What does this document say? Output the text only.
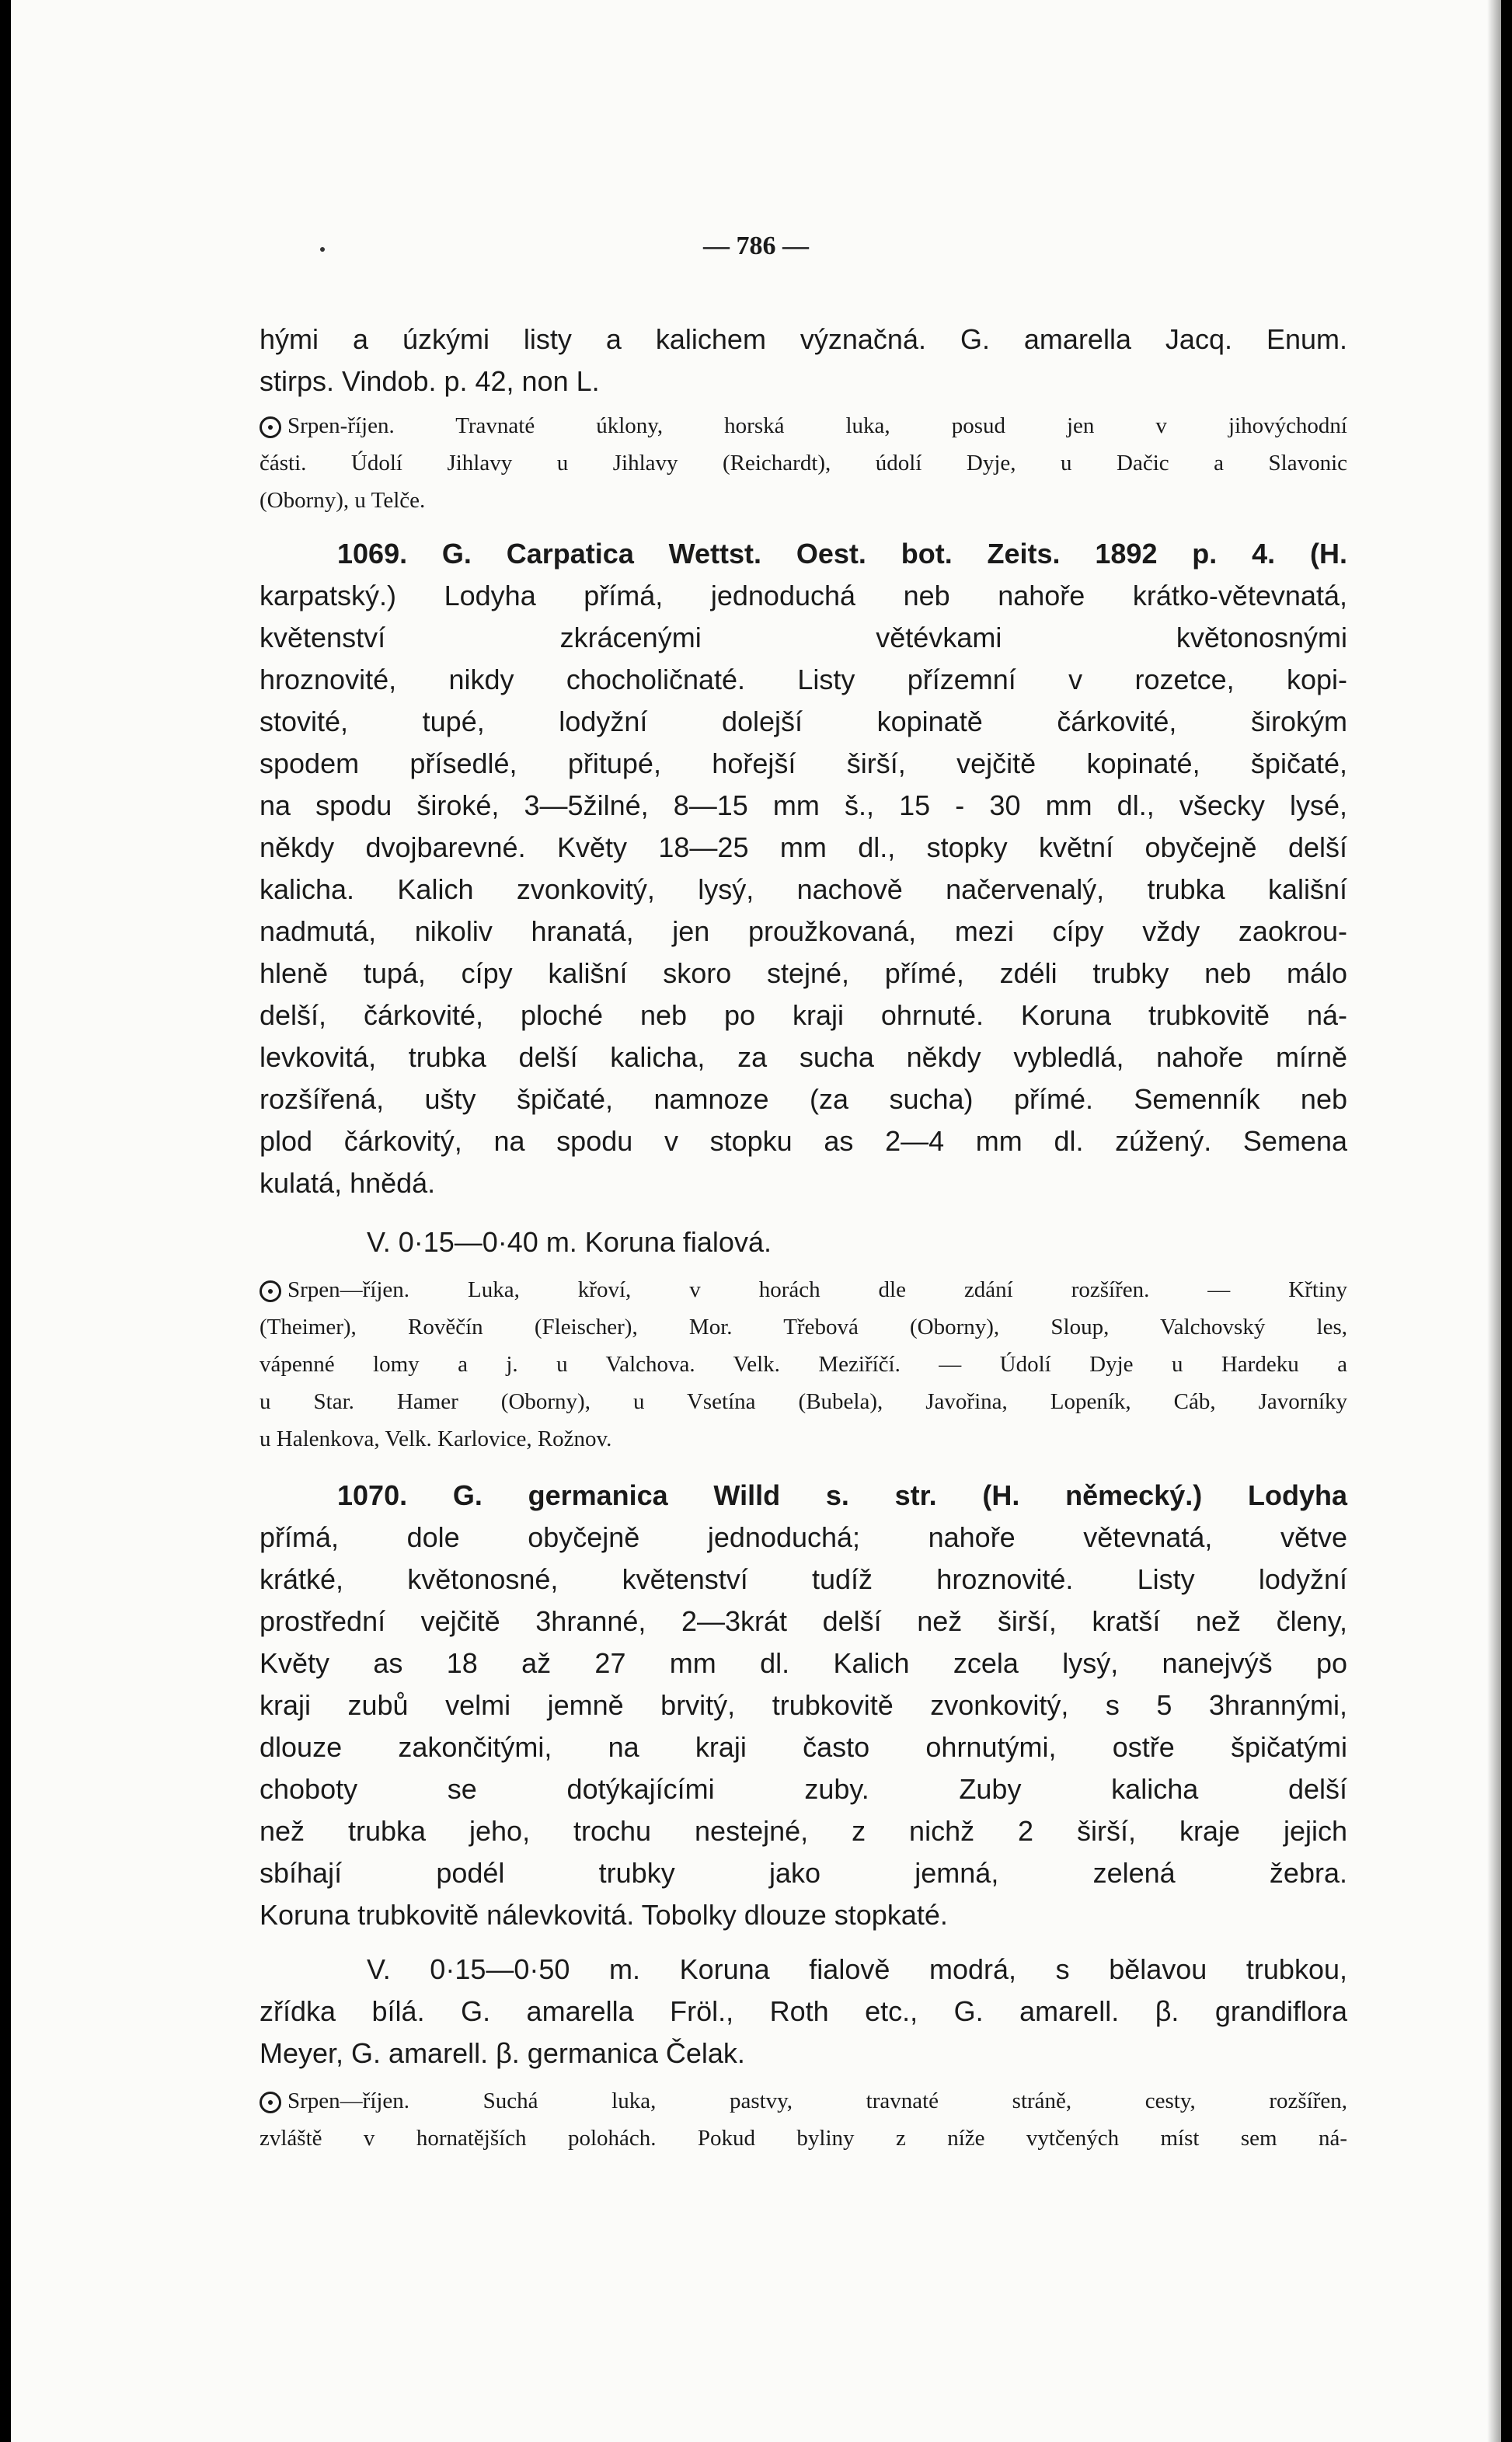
— 786 —
hými a úzkými listy a kalichem význačná. G. amarella Jacq. Enum.
stirps. Vindob. p. 42, non L.
Srpen-říjen. Travnaté úklony, horská luka, posud jen v jihovýchodní
části. Údolí Jihlavy u Jihlavy (Reichardt), údolí Dyje, u Dačic a Slavonic
(Oborny), u Telče.
1069. G. Carpatica Wettst. Oest. bot. Zeits. 1892 p. 4. (H.
karpatský.) Lodyha přímá, jednoduchá neb nahoře krátko-větevnatá,
květenství zkrácenými větévkami květonosnými
hroznovité, nikdy chocholičnaté. Listy přízemní v rozetce, kopi-
stovité, tupé, lodyžní dolejší kopinatě čárkovité, širokým
spodem přísedlé, přitupé, hořejší širší, vejčitě kopinaté, špičaté,
na spodu široké, 3—5žilné, 8—15 mm š., 15 - 30 mm dl., všecky lysé,
někdy dvojbarevné. Květy 18—25 mm dl., stopky květní obyčejně delší
kalicha. Kalich zvonkovitý, lysý, nachově načervenalý, trubka kališní
nadmutá, nikoliv hranatá, jen proužkovaná, mezi cípy vždy zaokrou-
hleně tupá, cípy kališní skoro stejné, přímé, zdéli trubky neb málo
delší, čárkovité, ploché neb po kraji ohrnuté. Koruna trubkovitě ná-
levkovitá, trubka delší kalicha, za sucha někdy vybledlá, nahoře mírně
rozšířená, ušty špičaté, namnoze (za sucha) přímé. Semenník neb
plod čárkovitý, na spodu v stopku as 2—4 mm dl. zúžený. Semena
kulatá, hnědá.
V. 0·15—0·40 m. Koruna fialová.
Srpen—říjen. Luka, křoví, v horách dle zdání rozšířen. — Křtiny
(Theimer), Rověčín (Fleischer), Mor. Třebová (Oborny), Sloup, Valchovský les,
vápenné lomy a j. u Valchova. Velk. Meziříčí. — Údolí Dyje u Hardeku a
u Star. Hamer (Oborny), u Vsetína (Bubela), Javořina, Lopeník, Cáb, Javorníky
u Halenkova, Velk. Karlovice, Rožnov.
1070. G. germanica Willd s. str. (H. německý.) Lodyha
přímá, dole obyčejně jednoduchá; nahoře větevnatá, větve
krátké, květonosné, květenství tudíž hroznovité. Listy lodyžní
prostřední vejčitě 3hranné, 2—3krát delší než širší, kratší než členy,
Květy as 18 až 27 mm dl. Kalich zcela lysý, nanejvýš po
kraji zubů velmi jemně brvitý, trubkovitě zvonkovitý, s 5 3hrannými,
dlouze zakončitými, na kraji často ohrnutými, ostře špičatými
choboty se dotýkajícími zuby. Zuby kalicha delší
než trubka jeho, trochu nestejné, z nichž 2 širší, kraje jejich
sbíhají podél trubky jako jemná, zelená žebra.
Koruna trubkovitě nálevkovitá. Tobolky dlouze stopkaté.
V. 0·15—0·50 m. Koruna fialově modrá, s bělavou trubkou,
zřídka bílá. G. amarella Fröl., Roth etc., G. amarell. β. grandiflora
Meyer, G. amarell. β. germanica Čelak.
Srpen—říjen. Suchá luka, pastvy, travnaté stráně, cesty, rozšířen,
zvláště v hornatějších polohách. Pokud byliny z níže vytčených míst sem ná-
